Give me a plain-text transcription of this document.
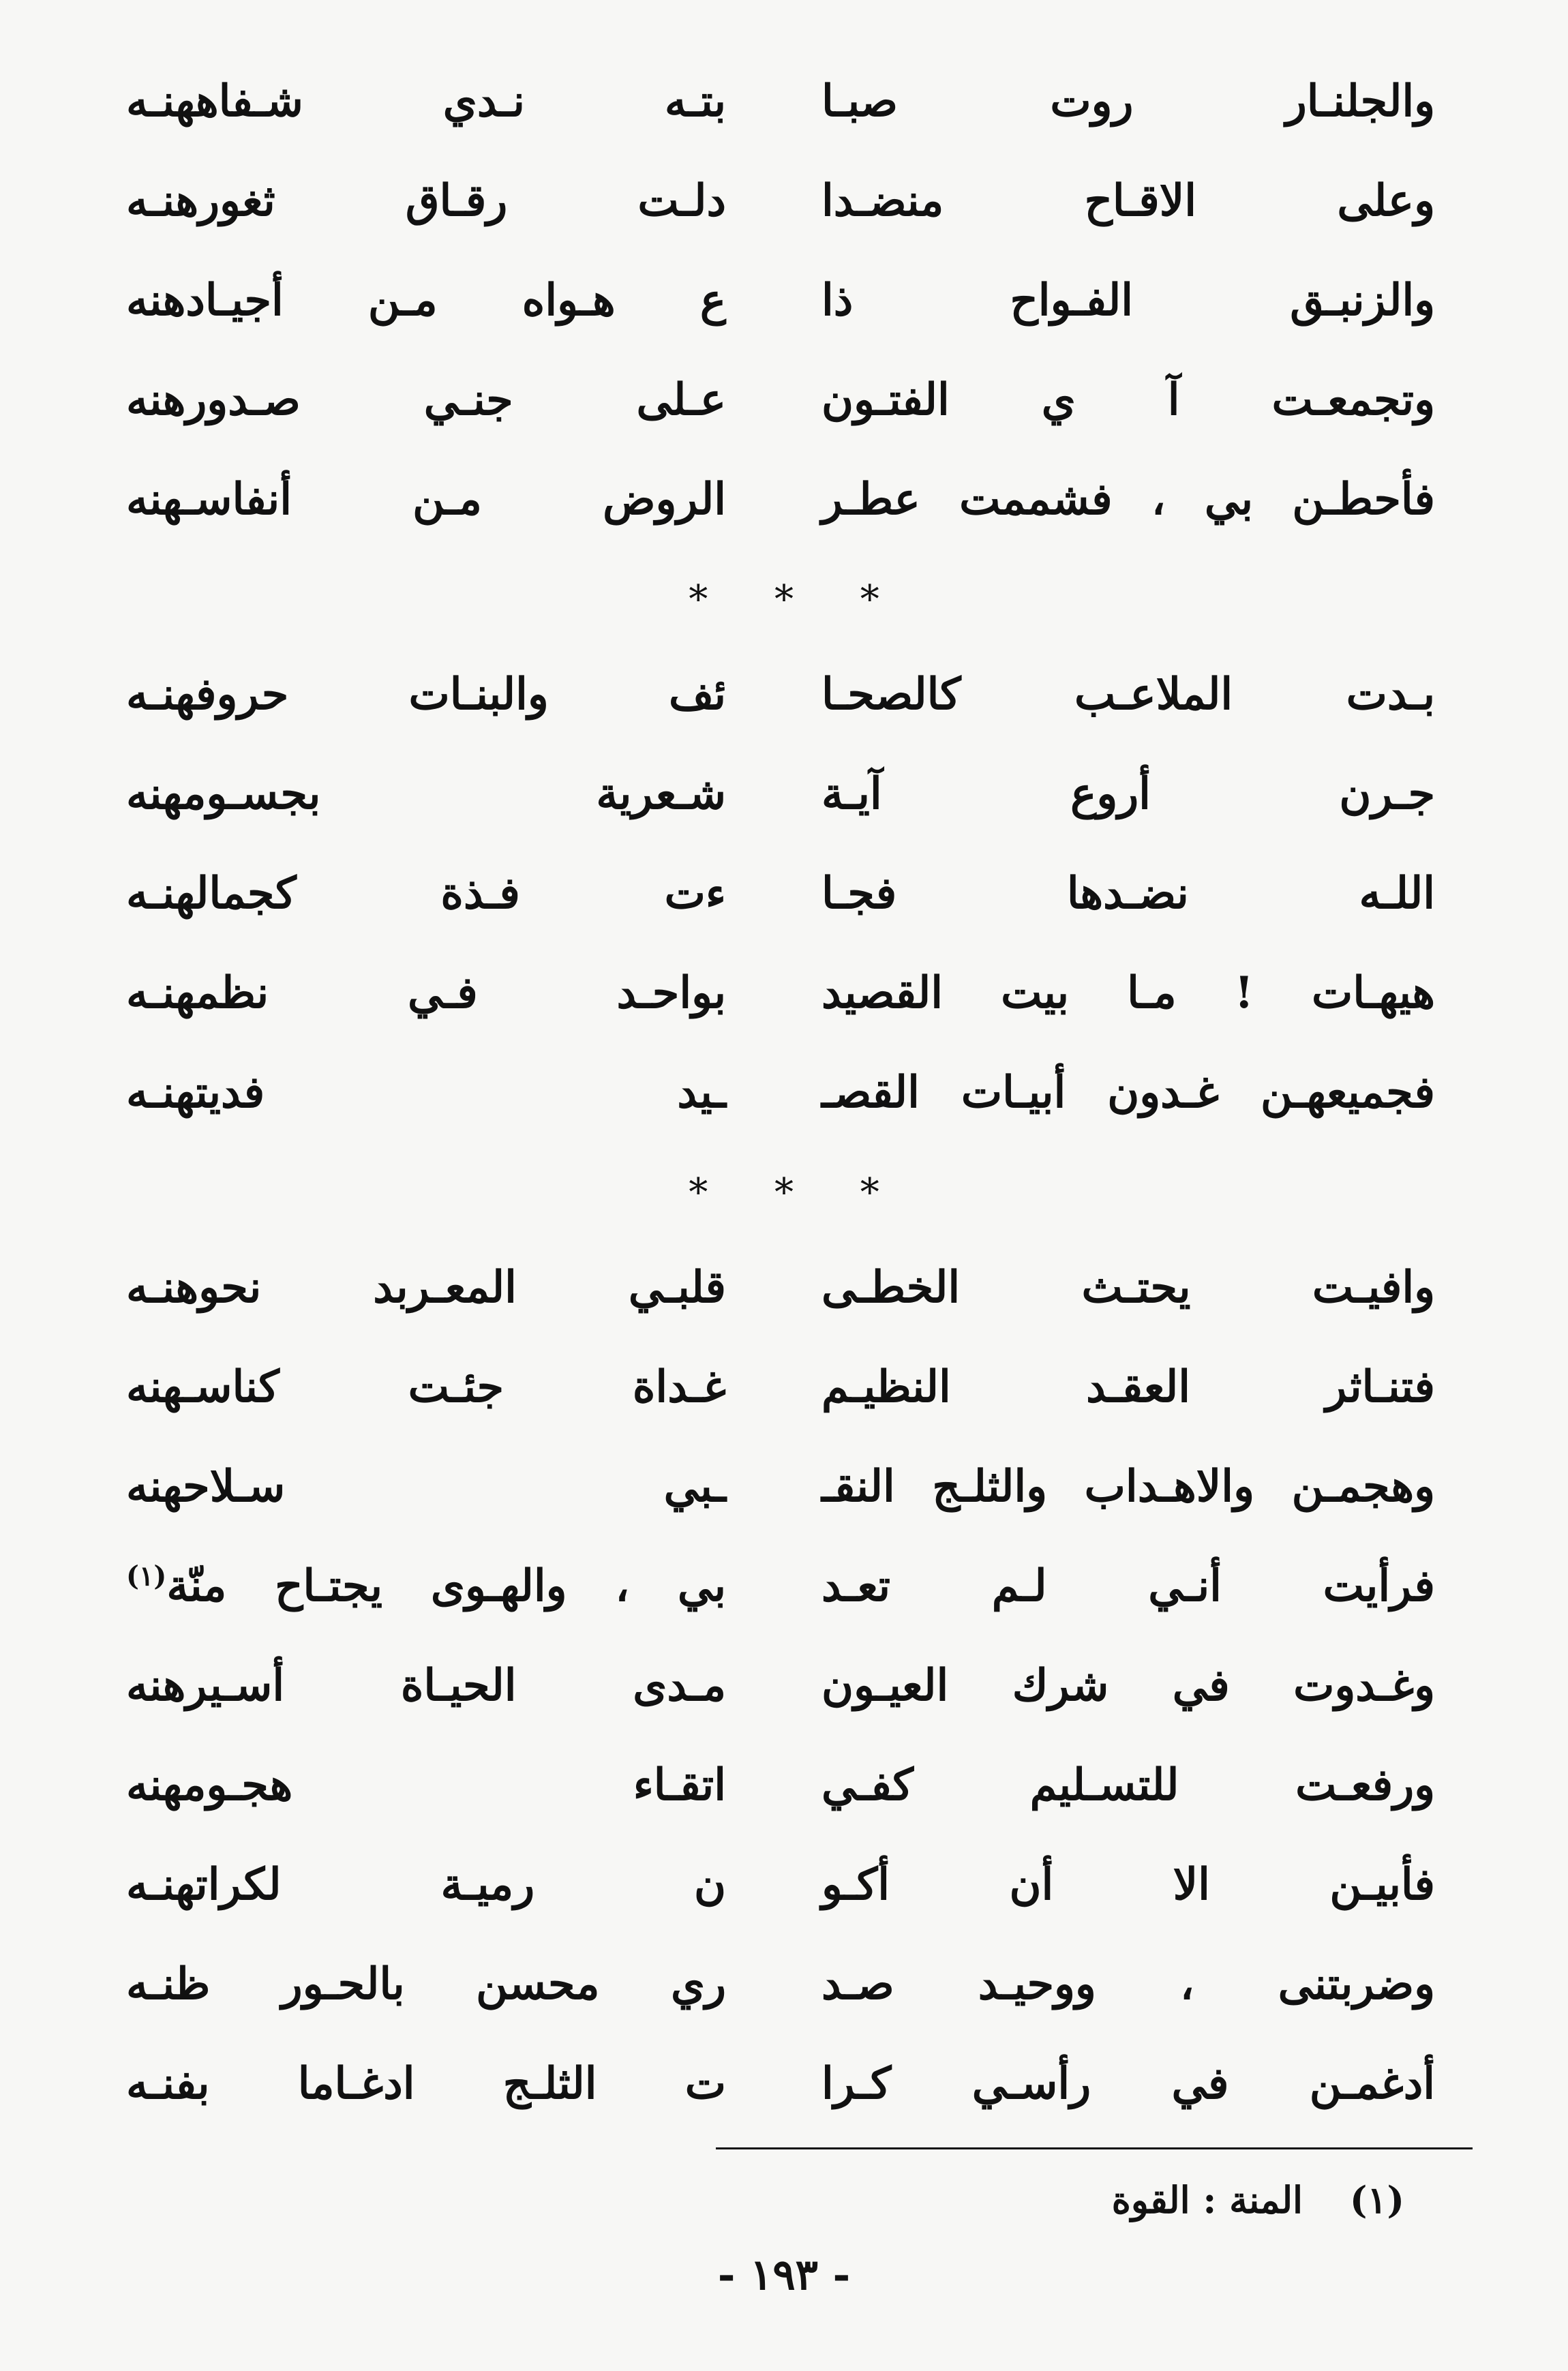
والجلنـار روت صبـا
بتـه نـدي شـفاههنـه
وعلى الاقـاح منضـدا
دلـت رقـاق ثغورهنـه
والزنبـق الفـواح ذا
ع هـواه مـن أجيـادهنه
وتجمعـت آ ي الفتـون
عـلى جنـي صـدورهنه
فأحطـن بي ، فشممت عطـر
الروض مـن أنفاسـهنه
* * *
بـدت الملاعـب كالصحـا
ئف والبنـات حروفهنـه
جـرن أروع آيـة
شـعرية بجسـومهنه
اللـه نضـدها فجـا
ءت فـذة كجمالهنـه
هيهـات ! مـا بيت القصيد
بواحـد فـي نظمهنـه
فجميعهـن غـدون أبيـات القصـ
ـيد فديتهنـه
* * *
وافيـت يحتـث الخطـى
قلبـي المعـربد نحوهنـه
فتنـاثر العقـد النظيـم
غـداة جئـت كناسـهنه
وهجمـن والاهـداب والثلـج النقـ
ـبي سـلاحهنه
فرأيت أنـي لـم تعـد
بي ، والهـوى يجتـاح منّة$^{(١)}$
وغـدوت في شرك العيـون
مـدى الحيـاة أسـيرهنه
ورفعـت للتسـليم كفـي
اتقـاء هجـومهنه
فأبيـن الا أن أكـو
ن رميـة لكراتهنـه
وضربتنى ، ووحيـد صـد
ري محسن بالحـور ظنـه
أدغمـن في رأسـي كـرا
ت الثلـج ادغـاما بفنـه
(١) المنة : القوة
- ١٩٣ -
